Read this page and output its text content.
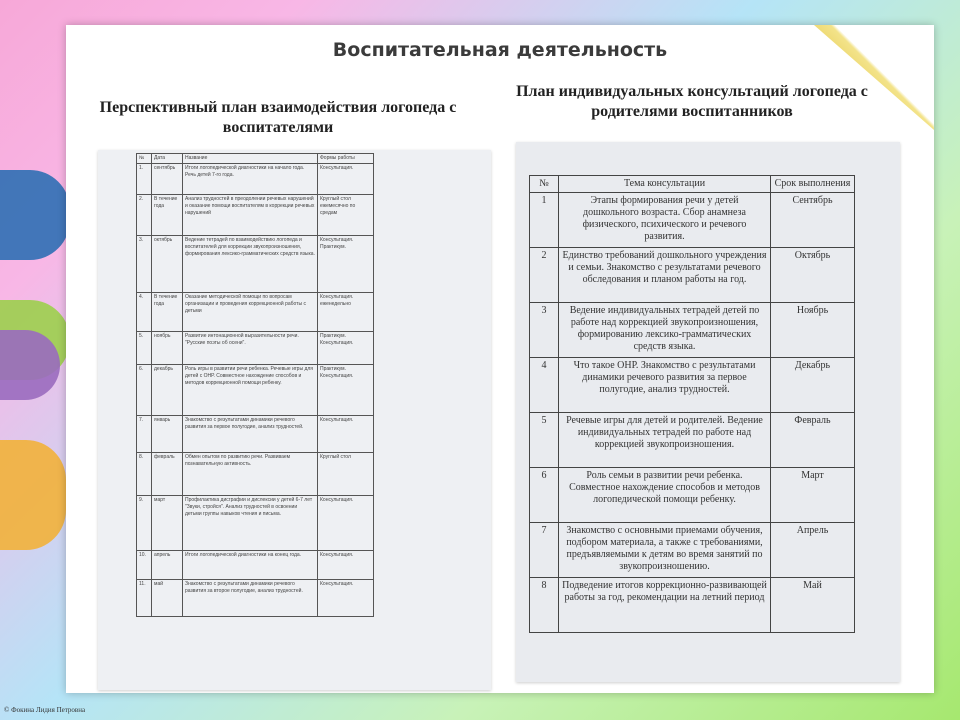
Воспитательная деятельность
Перспективный план взаимодействия логопеда с воспитателями
План индивидуальных консультаций логопеда с родителями воспитанников
№	Дата	Название	Формы работы
1.	сентябрь	Итоги логопедической диагностики на начало года. Речь детей 7-го года.	Консультация.
2.	В течение года	Анализ трудностей в преодолении речевых нарушений и оказание помощи воспитателям в коррекции речевых нарушений	Круглый стол ежемесячно по средам
3.	октябрь	Ведение тетрадей по взаимодействию логопеда и воспитателей для коррекции звукопроизношения, формирования лексико-грамматических средств языка.	Консультация. Практикум.
4.	В течение года	Оказание методической помощи по вопросам организации и проведения коррекционной работы с детьми	Консультация. еженедельно
5.	ноябрь	Развитие интонационной выразительности речи. "Русские поэты об осени".	Практикум. Консультация.
6.	декабрь	Роль игры в развитии речи ребенка. Речевые игры для детей с ОНР. Совместное нахождение способов и методов коррекционной помощи ребенку.	Практикум. Консультация.
7.	январь	Знакомство с результатами динамики речевого развития за первое полугодие, анализ трудностей.	Консультация.
8.	февраль	Обмен опытом по развитию речи. Развиваем познавательную активность.	Круглый стол
9.	март	Профилактика дисграфии и дислексии у детей 6-7 лет "Звуки, стройся". Анализ трудностей в освоении детьми группы навыков чтения и письма.	Консультация.
10.	апрель	Итоги логопедической диагностики на конец года.	Консультация.
11.	май	Знакомство с результатами динамики речевого развития за второе полугодие, анализ трудностей.	Консультация.
№	Тема консультации	Срок выполнения
1	Этапы формирования речи у детей дошкольного возраста. Сбор анамнеза физического, психического и речевого развития.	Сентябрь
2	Единство требований дошкольного учреждения и семьи. Знакомство с результатами речевого обследования и планом работы на год.	Октябрь
3	Ведение индивидуальных тетрадей детей по работе над коррекцией звукопроизношения, формированию лексико-грамматических средств языка.	Ноябрь
4	Что такое ОНР. Знакомство с результатами динамики речевого развития за первое полугодие, анализ трудностей.	Декабрь
5	Речевые игры для детей и родителей. Ведение индивидуальных тетрадей по работе над коррекцией звукопроизношения.	Февраль
6	Роль семьи в развитии речи ребенка. Совместное нахождение способов и методов логопедической помощи ребенку.	Март
7	Знакомство с основными приемами обучения, подбором материала, а также с требованиями, предъявляемыми к детям во время занятий по звукопроизношению.	Апрель
8	Подведение итогов коррекционно-развивающей работы за год, рекомендации на летний период	Май
© Фокина Лидия Петровна
